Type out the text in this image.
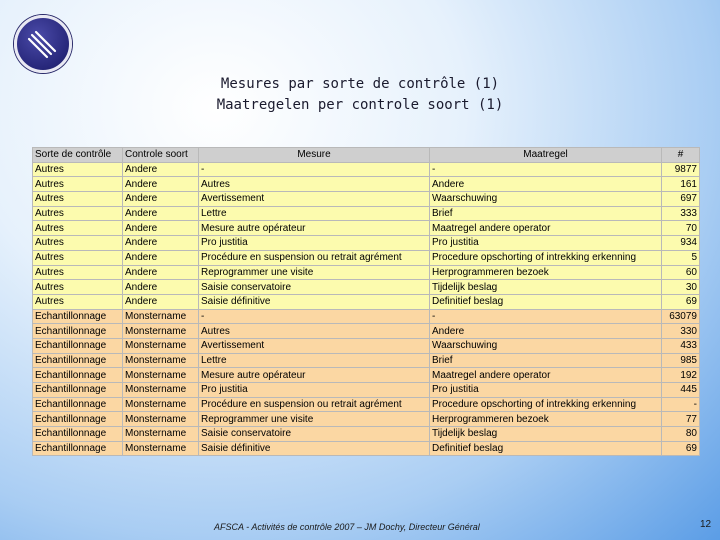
Mesures par sorte de contrôle (1)
Maatregelen per controle soort (1)
Sorte de contrôle	Controle soort	Mesure	Maatregel	#
Autres	Andere	-	-	9877
Autres	Andere	Autres	Andere	161
Autres	Andere	Avertissement	Waarschuwing	697
Autres	Andere	Lettre	Brief	333
Autres	Andere	Mesure autre opérateur	Maatregel andere operator	70
Autres	Andere	Pro justitia	Pro justitia	934
Autres	Andere	Procédure en suspension ou retrait agrément	Procedure opschorting of intrekking erkenning	5
Autres	Andere	Reprogrammer une visite	Herprogrammeren bezoek	60
Autres	Andere	Saisie conservatoire	Tijdelijk beslag	30
Autres	Andere	Saisie définitive	Definitief beslag	69
Echantillonnage	Monstername	-	-	63079
Echantillonnage	Monstername	Autres	Andere	330
Echantillonnage	Monstername	Avertissement	Waarschuwing	433
Echantillonnage	Monstername	Lettre	Brief	985
Echantillonnage	Monstername	Mesure autre opérateur	Maatregel andere operator	192
Echantillonnage	Monstername	Pro justitia	Pro justitia	445
Echantillonnage	Monstername	Procédure en suspension ou retrait agrément	Procedure opschorting of intrekking erkenning	-
Echantillonnage	Monstername	Reprogrammer une visite	Herprogrammeren bezoek	77
Echantillonnage	Monstername	Saisie conservatoire	Tijdelijk beslag	80
Echantillonnage	Monstername	Saisie définitive	Definitief beslag	69
AFSCA - Activités de contrôle 2007 – JM Dochy, Directeur Général	12
